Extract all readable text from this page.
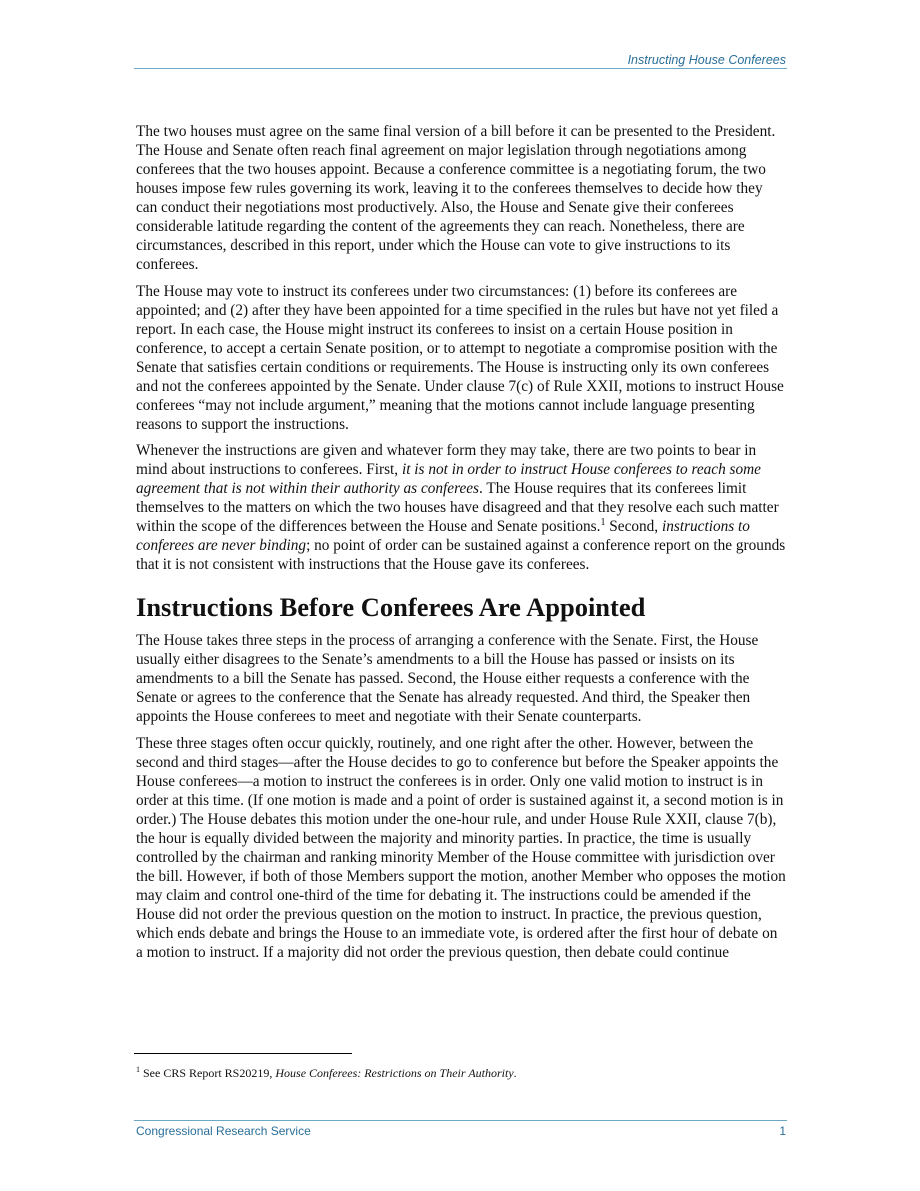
Instructing House Conferees

The two houses must agree on the same final version of a bill before it can be presented to the President. The House and Senate often reach final agreement on major legislation through negotiations among conferees that the two houses appoint. Because a conference committee is a negotiating forum, the two houses impose few rules governing its work, leaving it to the conferees themselves to decide how they can conduct their negotiations most productively. Also, the House and Senate give their conferees considerable latitude regarding the content of the agreements they can reach. Nonetheless, there are circumstances, described in this report, under which the House can vote to give instructions to its conferees.

The House may vote to instruct its conferees under two circumstances: (1) before its conferees are appointed; and (2) after they have been appointed for a time specified in the rules but have not yet filed a report. In each case, the House might instruct its conferees to insist on a certain House position in conference, to accept a certain Senate position, or to attempt to negotiate a compromise position with the Senate that satisfies certain conditions or requirements. The House is instructing only its own conferees and not the conferees appointed by the Senate. Under clause 7(c) of Rule XXII, motions to instruct House conferees “may not include argument,” meaning that the motions cannot include language presenting reasons to support the instructions.

Whenever the instructions are given and whatever form they may take, there are two points to bear in mind about instructions to conferees. First, it is not in order to instruct House conferees to reach some agreement that is not within their authority as conferees. The House requires that its conferees limit themselves to the matters on which the two houses have disagreed and that they resolve each such matter within the scope of the differences between the House and Senate positions.$^1$ Second, instructions to conferees are never binding; no point of order can be sustained against a conference report on the grounds that it is not consistent with instructions that the House gave its conferees.

Instructions Before Conferees Are Appointed

The House takes three steps in the process of arranging a conference with the Senate. First, the House usually either disagrees to the Senate’s amendments to a bill the House has passed or insists on its amendments to a bill the Senate has passed. Second, the House either requests a conference with the Senate or agrees to the conference that the Senate has already requested. And third, the Speaker then appoints the House conferees to meet and negotiate with their Senate counterparts.

These three stages often occur quickly, routinely, and one right after the other. However, between the second and third stages—after the House decides to go to conference but before the Speaker appoints the House conferees—a motion to instruct the conferees is in order. Only one valid motion to instruct is in order at this time. (If one motion is made and a point of order is sustained against it, a second motion is in order.) The House debates this motion under the one-hour rule, and under House Rule XXII, clause 7(b), the hour is equally divided between the majority and minority parties. In practice, the time is usually controlled by the chairman and ranking minority Member of the House committee with jurisdiction over the bill. However, if both of those Members support the motion, another Member who opposes the motion may claim and control one-third of the time for debating it. The instructions could be amended if the House did not order the previous question on the motion to instruct. In practice, the previous question, which ends debate and brings the House to an immediate vote, is ordered after the first hour of debate on a motion to instruct. If a majority did not order the previous question, then debate could continue

$^1$ See CRS Report RS20219, House Conferees: Restrictions on Their Authority.
Congressional Research Service	1
